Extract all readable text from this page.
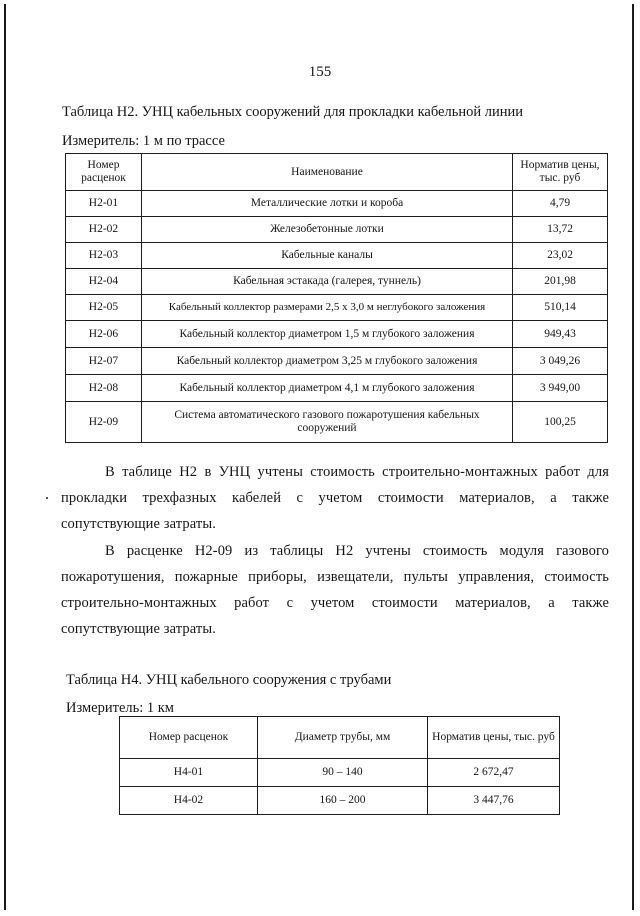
155
Таблица Н2. УНЦ кабельных сооружений для прокладки кабельной линии
Измеритель: 1 м по трассе
Номер расценок	Наименование	Норматив цены, тыс. руб
Н2-01	Металлические лотки и короба	4,79
Н2-02	Железобетонные лотки	13,72
Н2-03	Кабельные каналы	23,02
Н2-04	Кабельная эстакада (галерея, туннель)	201,98
Н2-05	Кабельный коллектор размерами 2,5 х 3,0 м неглубокого заложения	510,14
Н2-06	Кабельный коллектор диаметром 1,5 м глубокого заложения	949,43
Н2-07	Кабельный коллектор диаметром 3,25 м глубокого заложения	3 049,26
Н2-08	Кабельный коллектор диаметром 4,1 м глубокого заложения	3 949,00
Н2-09	Система автоматического газового пожаротушения кабельных сооружений	100,25

В таблице Н2 в УНЦ учтены стоимость строительно-монтажных работ для прокладки трехфазных кабелей с учетом стоимости материалов, а также сопутствующие затраты.

В расценке Н2-09 из таблицы Н2 учтены стоимость модуля газового пожаротушения, пожарные приборы, извещатели, пульты управления, стоимость строительно-монтажных работ с учетом стоимости материалов, а также сопутствующие затраты.

Таблица Н4. УНЦ кабельного сооружения с трубами
Измеритель: 1 км
Номер расценок	Диаметр трубы, мм	Норматив цены, тыс. руб
Н4-01	90 – 140	2 672,47
Н4-02	160 – 200	3 447,76
